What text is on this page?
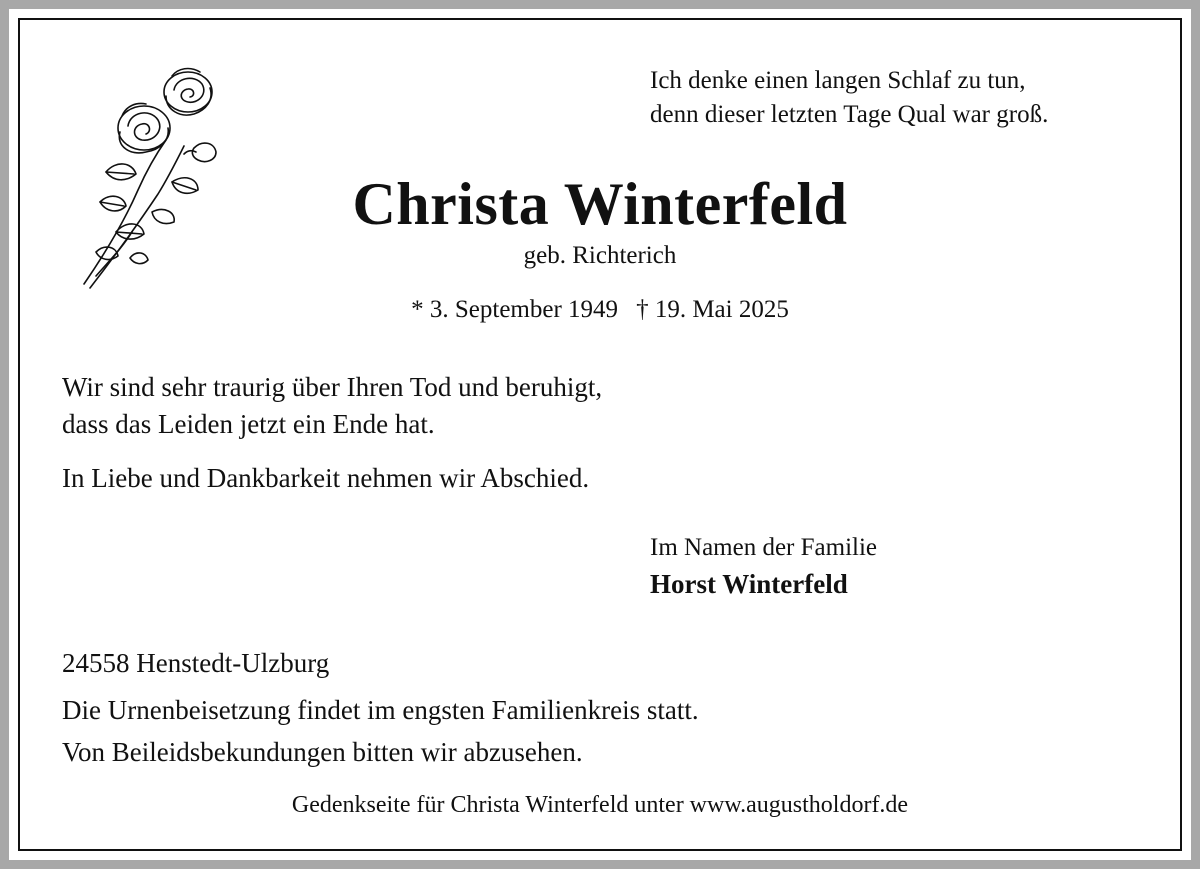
Ich denke einen langen Schlaf zu tun,
denn dieser letzten Tage Qual war groß.
Christa Winterfeld
geb. Richterich
* 3. September 1949 † 19. Mai 2025
Wir sind sehr traurig über Ihren Tod und beruhigt,
dass das Leiden jetzt ein Ende hat.
In Liebe und Dankbarkeit nehmen wir Abschied.
Im Namen der Familie
Horst Winterfeld
24558 Henstedt-Ulzburg
Die Urnenbeisetzung findet im engsten Familienkreis statt.
Von Beileidsbekundungen bitten wir abzusehen.
Gedenkseite für Christa Winterfeld unter www.augustholdorf.de
